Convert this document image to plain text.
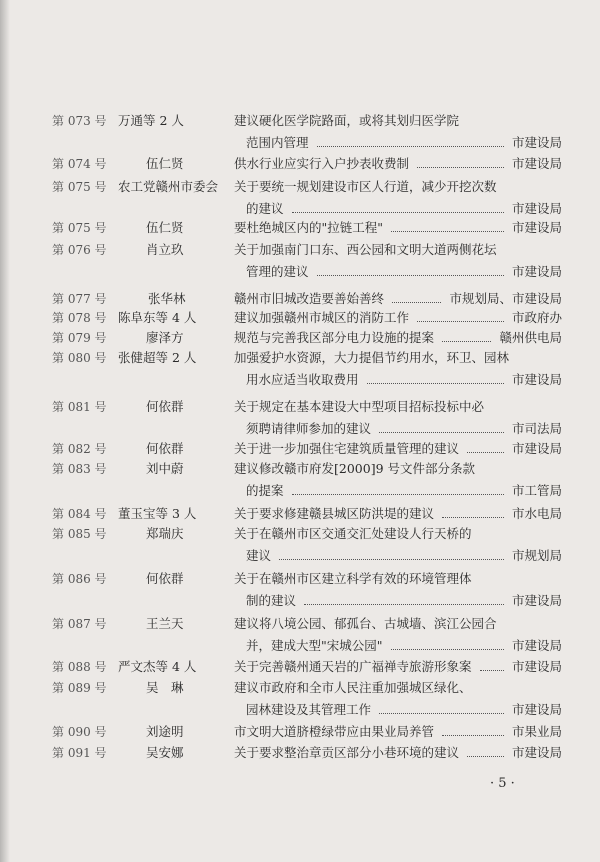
第 073 号 万通等 2 人	建议硬化医学院路面，或将其划归医学院
范围内管理	市建设局
第 074 号	伍仁贤	供水行业应实行入户抄表收费制	市建设局
第 075 号 农工党赣州市委会 关于要统一规划建设市区人行道，减少开挖次数
的建议	市建设局
第 075 号	伍仁贤	要杜绝城区内的"拉链工程"	市建设局
第 076 号	肖立玖	关于加强南门口东、西公园和文明大道两侧花坛
管理的建议	市建设局
第 077 号	张华林	赣州市旧城改造要善始善终	市规划局、市建设局
第 078 号 陈阜东等 4 人	建议加强赣州市城区的消防工作	市政府办
第 079 号	廖泽方	规范与完善我区部分电力设施的提案	赣州供电局
第 080 号 张健超等 2 人	加强爱护水资源，大力提倡节约用水，环卫、园林
用水应适当收取费用	市建设局
第 081 号	何依群	关于规定在基本建设大中型项目招标投标中必
须聘请律师参加的建议	市司法局
第 082 号	何依群	关于进一步加强住宅建筑质量管理的建议	市建设局
第 083 号	刘中蔚	建议修改赣市府发[2000]9 号文件部分条款
的提案	市工管局
第 084 号 董玉宝等 3 人	关于要求修建赣县城区防洪堤的建议	市水电局
第 085 号	郑瑞庆	关于在赣州市区交通交汇处建设人行天桥的
建议	市规划局
第 086 号	何依群	关于在赣州市区建立科学有效的环境管理体
制的建议	市建设局
第 087 号	王兰天	建议将八境公园、郁孤台、古城墙、滨江公园合
并，建成大型"宋城公园"	市建设局
第 088 号 严文杰等 4 人	关于完善赣州通天岩的广福禅寺旅游形象案	市建设局
第 089 号	吴　琳	建议市政府和全市人民注重加强城区绿化、
园林建设及其管理工作	市建设局
第 090 号	刘途明	市文明大道脐橙绿带应由果业局养管	市果业局
第 091 号	吴安娜	关于要求整治章贡区部分小巷环境的建议	市建设局
· 5 ·
